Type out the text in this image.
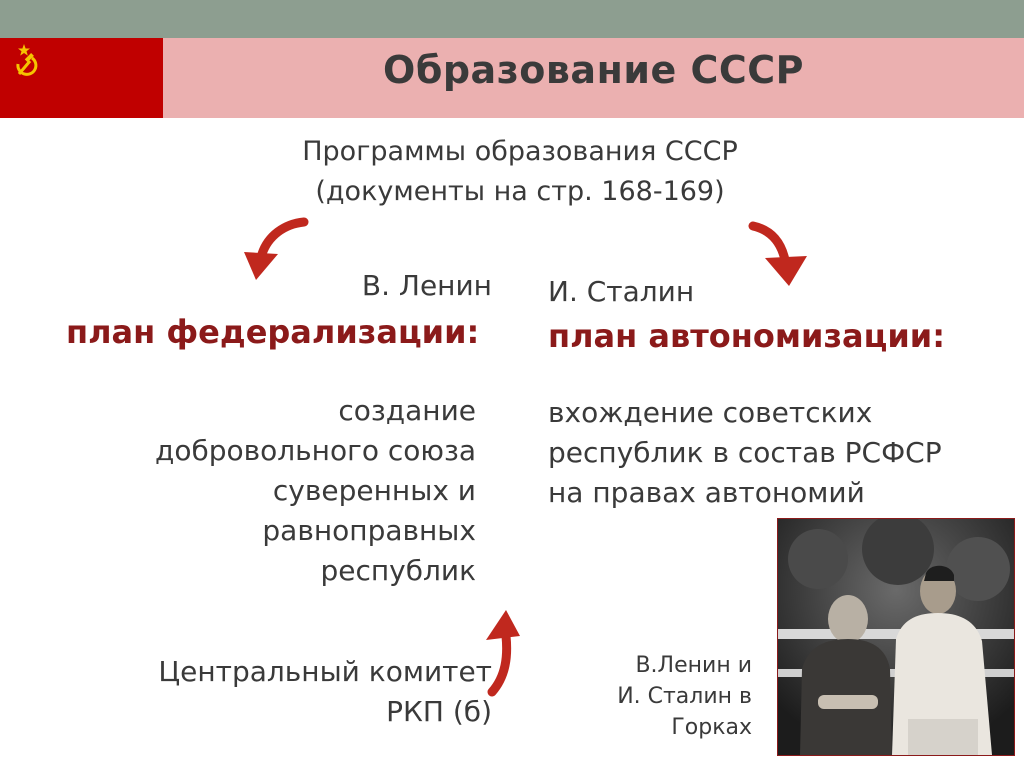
Образование СССР
Программы образования СССР
(документы на стр. 168-169)
В. Ленин
план федерализации:
создание
добровольного союза
суверенных и
равноправных
республик
И. Сталин
план автономизации:
вхождение советских
республик в состав РСФСР
на правах автономий
Центральный комитет
РКП (б)
В.Ленин и
И. Сталин в
Горках
